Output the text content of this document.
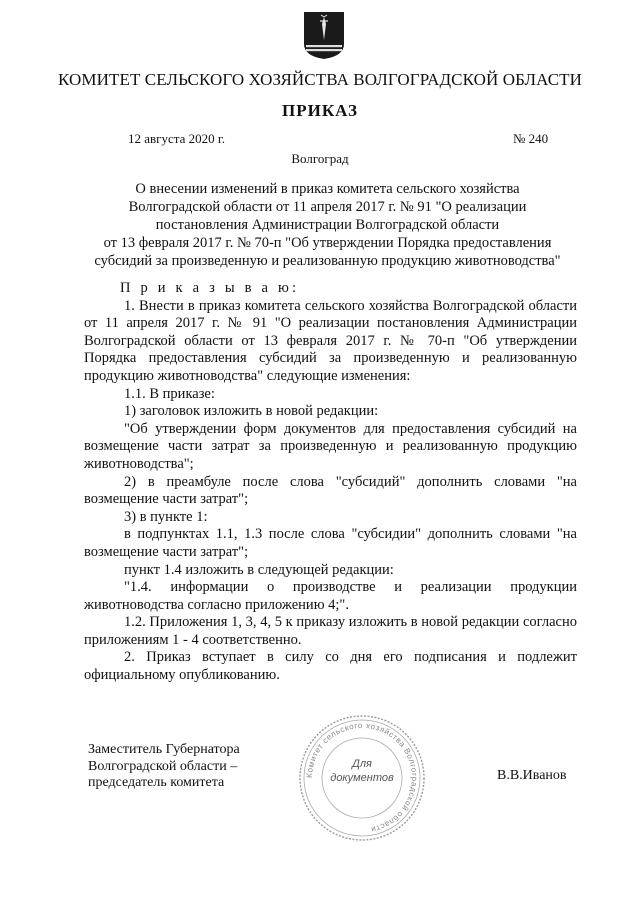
КОМИТЕТ СЕЛЬСКОГО ХОЗЯЙСТВА ВОЛГОГРАДСКОЙ ОБЛАСТИ
ПРИКАЗ
12 августа 2020 г.	№ 240
Волгоград
О внесении изменений в приказ комитета сельского хозяйства
Волгоградской области от 11 апреля 2017 г. № 91 "О реализации
постановления Администрации Волгоградской области
от 13 февраля 2017 г. № 70-п "Об утверждении Порядка предоставления
субсидий за произведенную и реализованную продукцию животноводства"

П р и к а з ы в а ю:

1. Внести в приказ комитета сельского хозяйства Волгоградской области от 11 апреля 2017 г. № 91 "О реализации постановления Администрации Волгоградской области от 13 февраля 2017 г. № 70-п "Об утверждении Порядка предоставления субсидий за произведенную и реализованную продукцию животноводства" следующие изменения:

1.1. В приказе:

1) заголовок изложить в новой редакции:

"Об утверждении форм документов для предоставления субсидий на возмещение части затрат за произведенную и реализованную продукцию животноводства";

2) в преамбуле после слова "субсидий" дополнить словами "на возмещение части затрат";

3) в пункте 1:

в подпунктах 1.1, 1.3 после слова "субсидии" дополнить словами "на возмещение части затрат";

пункт 1.4 изложить в следующей редакции:

"1.4. информации о производстве и реализации продукции животноводства согласно приложению 4;".

1.2. Приложения 1, 3, 4, 5 к приказу изложить в новой редакции согласно приложениям 1 - 4 соответственно.

2. Приказ вступает в силу со дня его подписания и подлежит официальному опубликованию.

Заместитель Губернатора
Волгоградской области –
председатель комитета	Комитет сельского хозяйства Волгоградской области
Для
документов	В.В.Иванов
